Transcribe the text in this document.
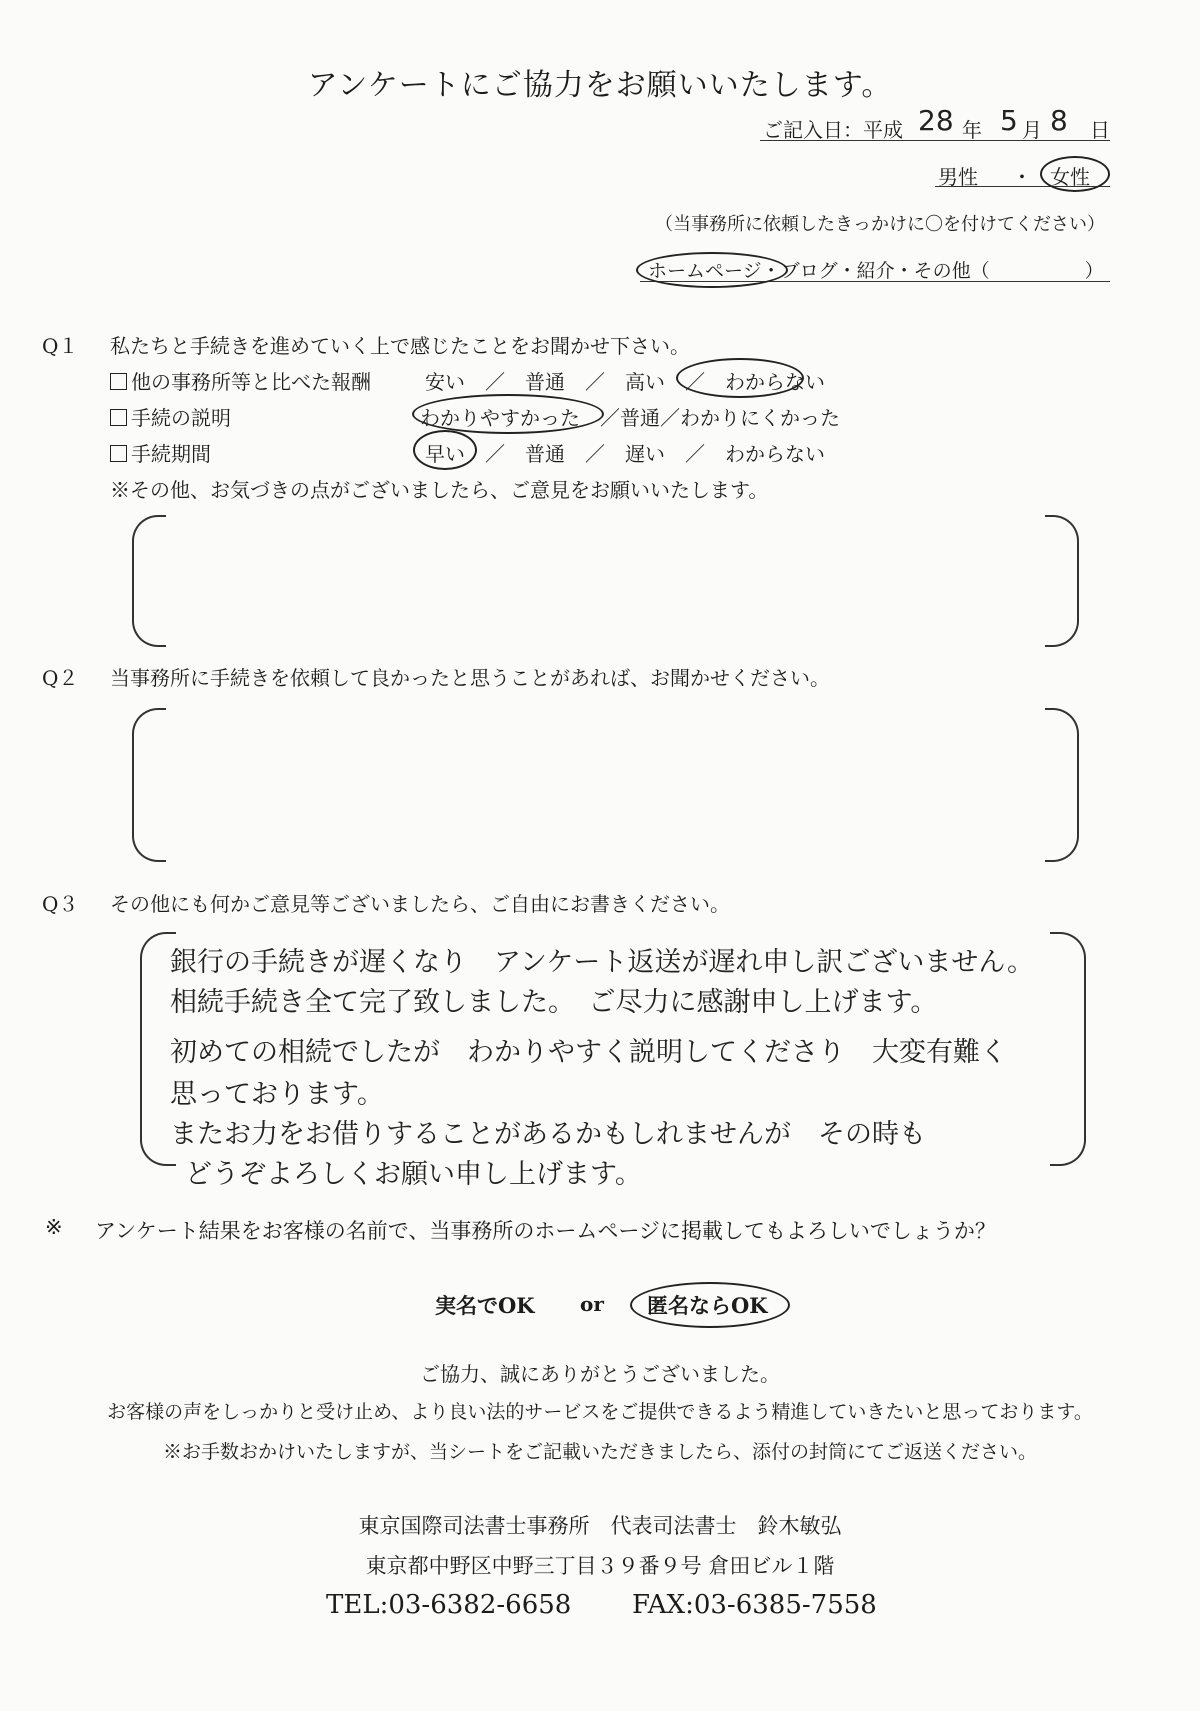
アンケートにご協力をお願いいたします。
ご記入日：平成 28 年 5 月 8 日
男性 ・ 女性
（当事務所に依頼したきっかけに〇を付けてください）
ホームページ・ブログ・紹介・その他（　　　　　）
Q１ 私たちと手続きを進めていく上で感じたことをお聞かせ下さい。
他の事務所等と比べた報酬	安い　／　普通　／　高い　／　わからない
手続の説明	わかりやすかった　／普通／わかりにくかった
手続期間	早い　／　普通　／　遅い　／　わからない
※その他、お気づきの点がございましたら、ご意見をお願いいたします。
Q２ 当事務所に手続きを依頼して良かったと思うことがあれば、お聞かせください。
Q３ その他にも何かご意見等ございましたら、ご自由にお書きください。
銀行の手続きが遅くなり　アンケート返送が遅れ申し訳ございません。
相続手続き全て完了致しました。　ご尽力に感謝申し上げます。
初めての相続でしたが　わかりやすく説明してくださり　大変有難く
思っております。
またお力をお借りすることがあるかもしれませんが　その時も
どうぞよろしくお願い申し上げます。
※ アンケート結果をお客様の名前で、当事務所のホームページに掲載してもよろしいでしょうか？
実名でOK or 匿名ならOK
ご協力、誠にありがとうございました。
お客様の声をしっかりと受け止め、より良い法的サービスをご提供できるよう精進していきたいと思っております。
※お手数おかけいたしますが、当シートをご記載いただきましたら、添付の封筒にてご返送ください。
東京国際司法書士事務所　代表司法書士　鈴木敏弘
東京都中野区中野三丁目３９番９号 倉田ビル１階
TEL:03-6382-6658 FAX:03-6385-7558
